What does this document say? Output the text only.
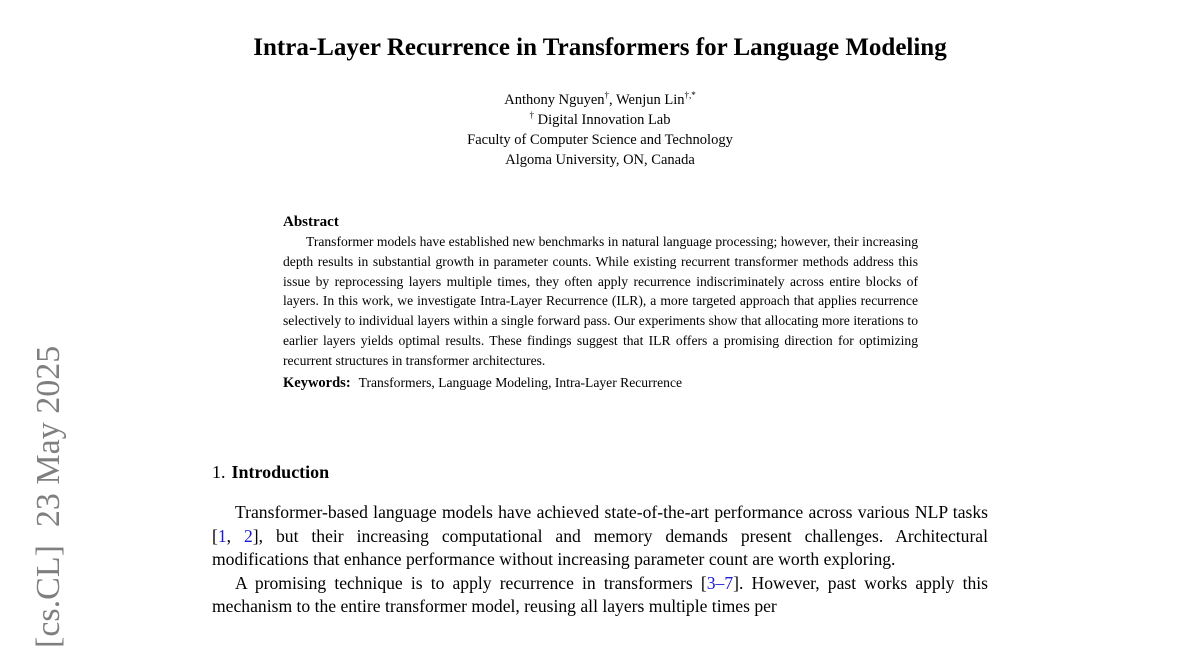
[cs.CL]23 May 2025
Intra-Layer Recurrence in Transformers for Language Modeling
Anthony Nguyen†, Wenjun Lin†,*
† Digital Innovation Lab
Faculty of Computer Science and Technology
Algoma University, ON, Canada

Abstract

Transformer models have established new benchmarks in natural language processing; however, their increasing depth results in substantial growth in parameter counts. While existing recurrent transformer methods address this issue by reprocessing layers multiple times, they often apply recurrence indiscriminately across entire blocks of layers. In this work, we investigate Intra-Layer Recurrence (ILR), a more targeted approach that applies recurrence selectively to individual layers within a single forward pass. Our experiments show that allocating more iterations to earlier layers yields optimal results. These findings suggest that ILR offers a promising direction for optimizing recurrent structures in transformer architectures.

Keywords: Transformers, Language Modeling, Intra-Layer Recurrence
1. Introduction

Transformer-based language models have achieved state-of-the-art performance across various NLP tasks [1, 2], but their increasing computational and memory demands present challenges. Architectural modifications that enhance performance without increasing parameter count are worth exploring.

A promising technique is to apply recurrence in transformers [3–7]. However, past works apply this mechanism to the entire transformer model, reusing all layers multiple times per
